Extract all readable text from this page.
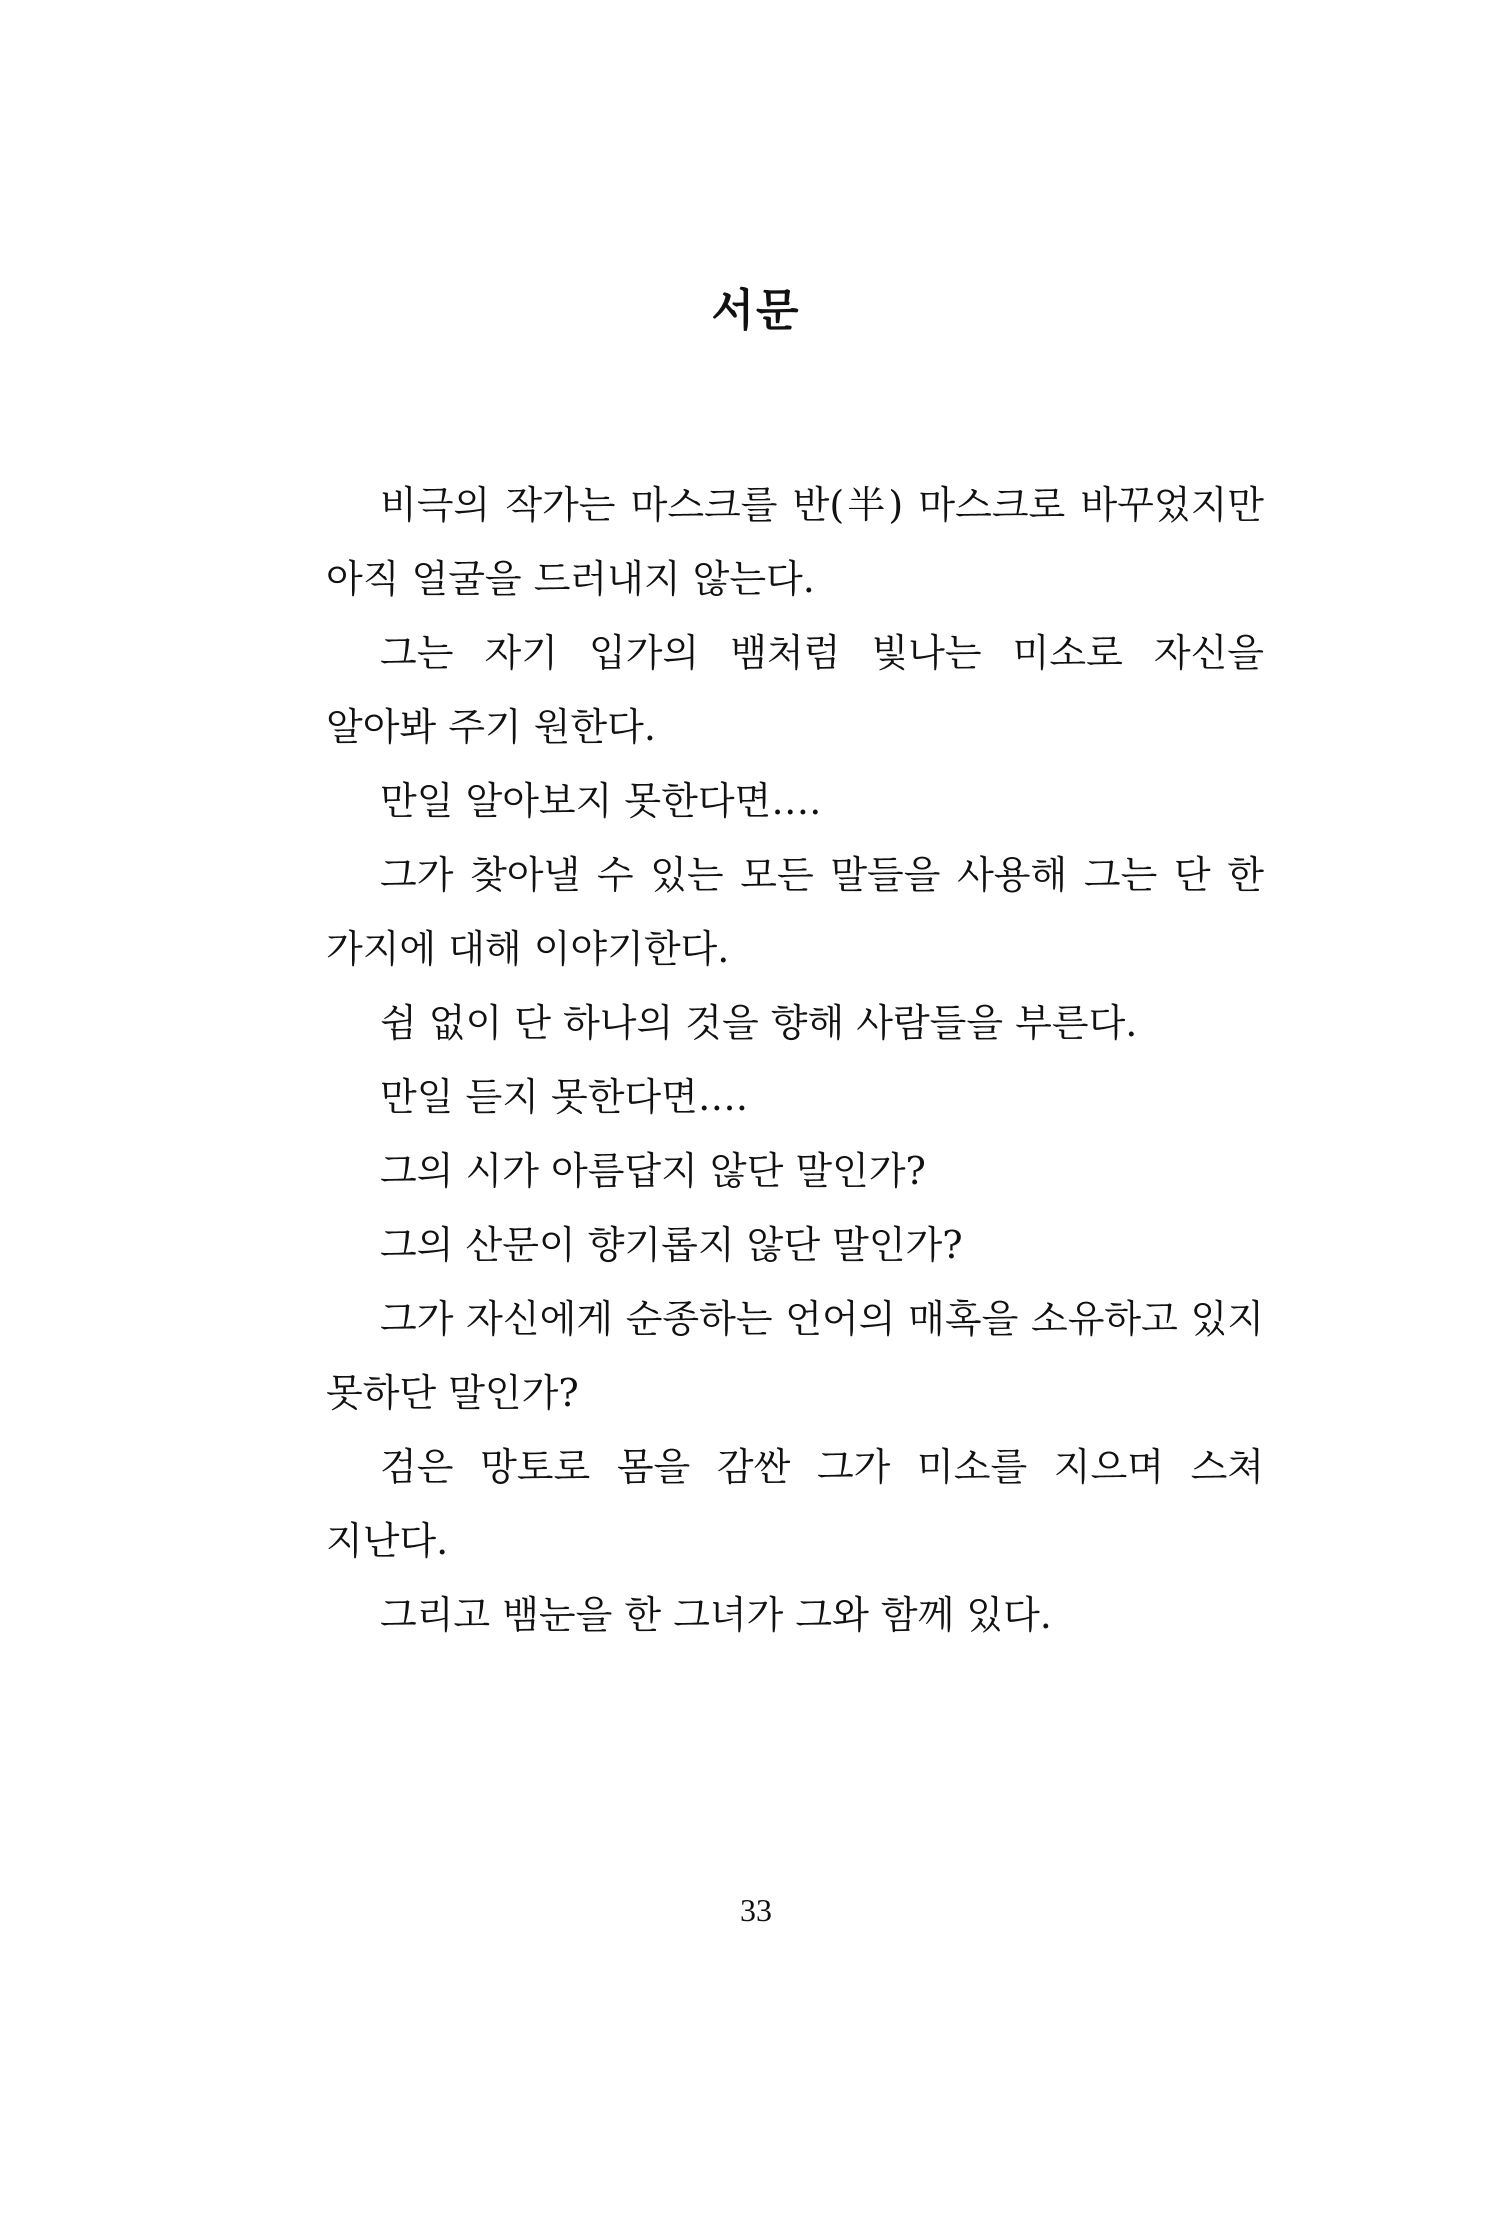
서문

비극의 작가는 마스크를 반(半) 마스크로 바꾸었지만 아직 얼굴을 드러내지 않는다.

그는 자기 입가의 뱀처럼 빛나는 미소로 자신을 알아봐 주기 원한다.

만일 알아보지 못한다면….

그가 찾아낼 수 있는 모든 말들을 사용해 그는 단 한 가지에 대해 이야기한다.

쉼 없이 단 하나의 것을 향해 사람들을 부른다.

만일 듣지 못한다면….

그의 시가 아름답지 않단 말인가?

그의 산문이 향기롭지 않단 말인가?

그가 자신에게 순종하는 언어의 매혹을 소유하고 있지 못하단 말인가?

검은 망토로 몸을 감싼 그가 미소를 지으며 스쳐 지난다.

그리고 뱀눈을 한 그녀가 그와 함께 있다.

33
